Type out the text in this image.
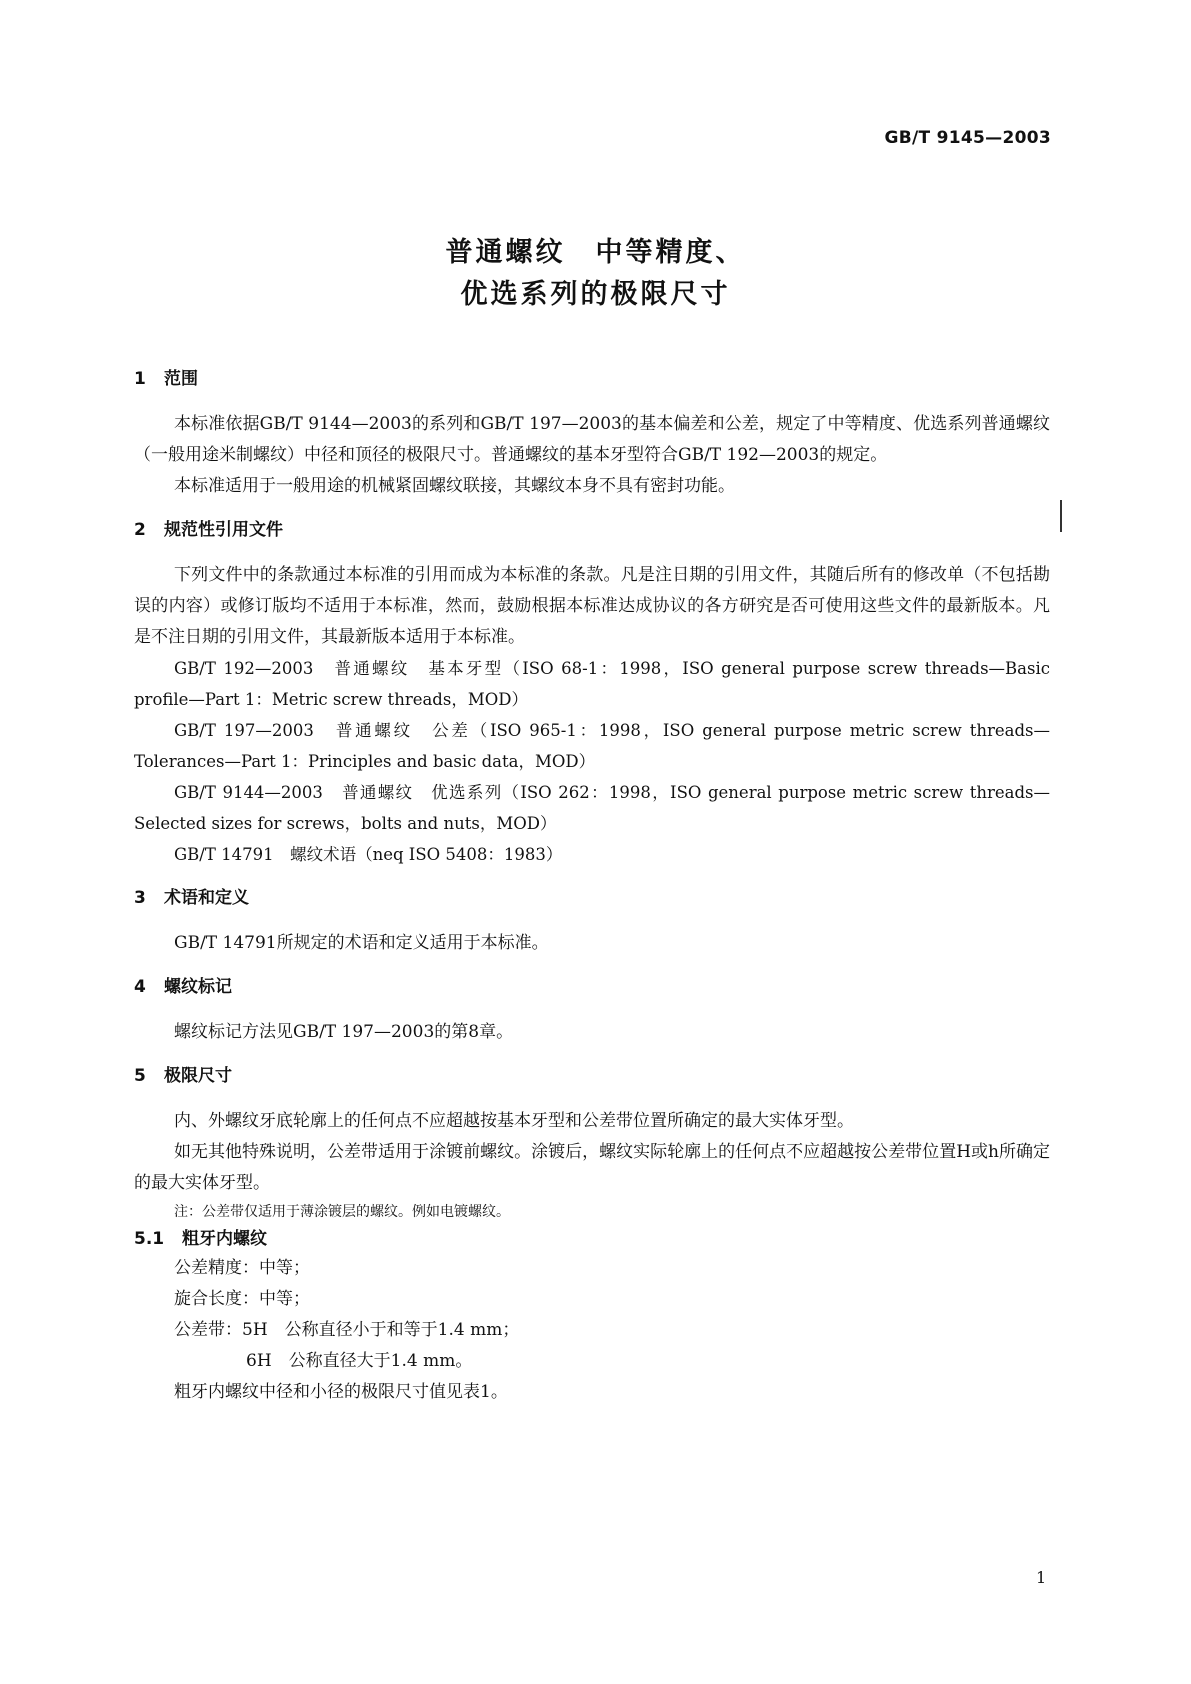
GB/T 9145—2003
普通螺纹　中等精度、
优选系列的极限尺寸
1 范围

本标准依据GB/T 9144—2003的系列和GB/T 197—2003的基本偏差和公差，规定了中等精度、优选系列普通螺纹（一般用途米制螺纹）中径和顶径的极限尺寸。普通螺纹的基本牙型符合GB/T 192—2003的规定。

本标准适用于一般用途的机械紧固螺纹联接，其螺纹本身不具有密封功能。

2 规范性引用文件

下列文件中的条款通过本标准的引用而成为本标准的条款。凡是注日期的引用文件，其随后所有的修改单（不包括勘误的内容）或修订版均不适用于本标准，然而，鼓励根据本标准达成协议的各方研究是否可使用这些文件的最新版本。凡是不注日期的引用文件，其最新版本适用于本标准。

GB/T 192—2003　普通螺纹　基本牙型（ISO 68-1：1998，ISO general purpose screw threads—Basic profile—Part 1：Metric screw threads，MOD）

GB/T 197—2003　普通螺纹　公差（ISO 965-1：1998，ISO general purpose metric screw threads—Tolerances—Part 1：Principles and basic data，MOD）

GB/T 9144—2003　普通螺纹　优选系列（ISO 262：1998，ISO general purpose metric screw threads—Selected sizes for screws，bolts and nuts，MOD）

GB/T 14791　螺纹术语（neq ISO 5408：1983）

3 术语和定义

GB/T 14791所规定的术语和定义适用于本标准。

4 螺纹标记

螺纹标记方法见GB/T 197—2003的第8章。

5 极限尺寸

内、外螺纹牙底轮廓上的任何点不应超越按基本牙型和公差带位置所确定的最大实体牙型。

如无其他特殊说明，公差带适用于涂镀前螺纹。涂镀后，螺纹实际轮廓上的任何点不应超越按公差带位置H或h所确定的最大实体牙型。

注：公差带仅适用于薄涂镀层的螺纹。例如电镀螺纹。

5.1 粗牙内螺纹

公差精度：中等；

旋合长度：中等；

公差带：5H　公称直径小于和等于1.4 mm；

6H　公称直径大于1.4 mm。

粗牙内螺纹中径和小径的极限尺寸值见表1。

1
